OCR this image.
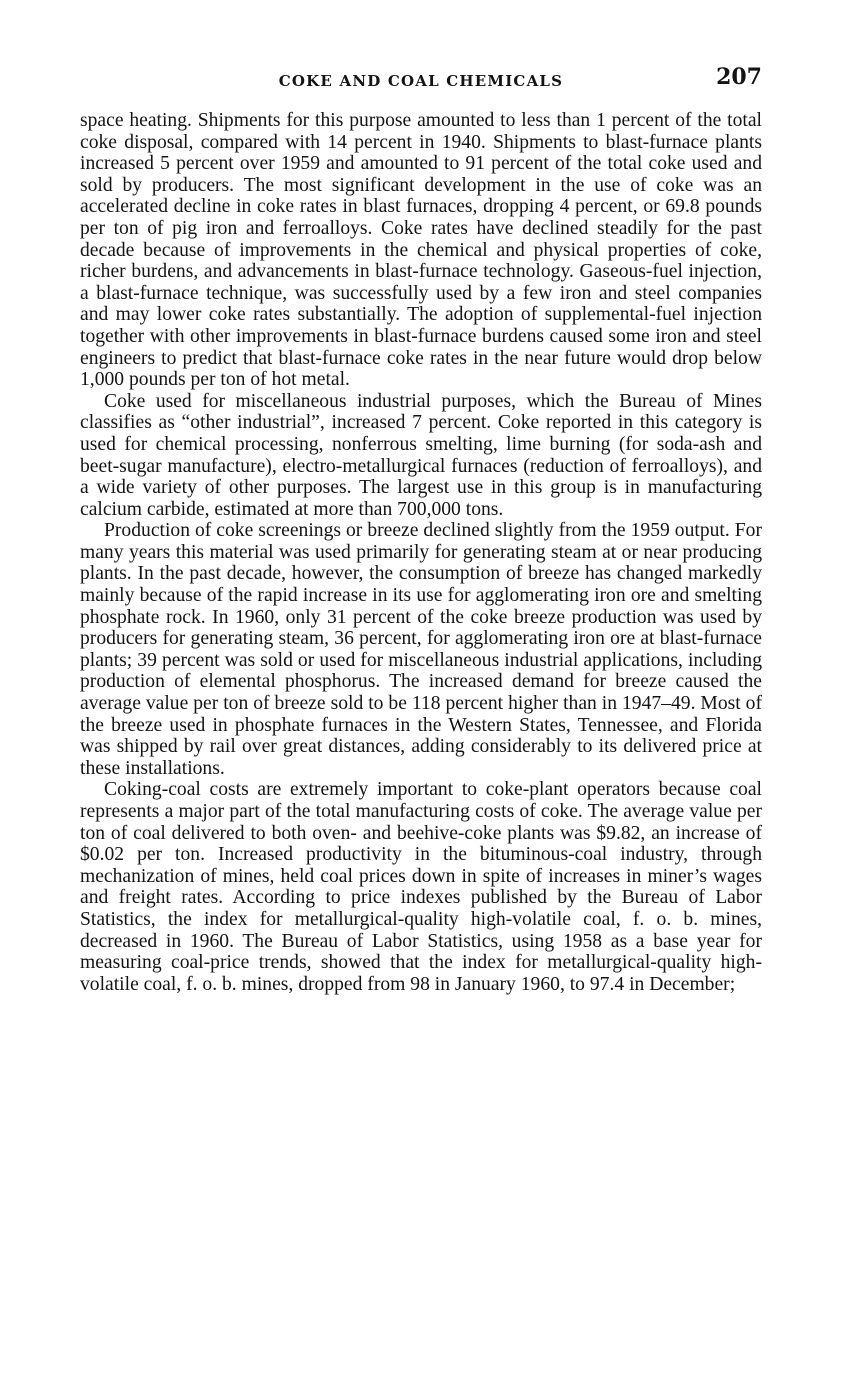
COKE AND COAL CHEMICALS	207

space heating. Shipments for this purpose amounted to less than 1 percent of the total coke disposal, compared with 14 percent in 1940. Shipments to blast-furnace plants increased 5 percent over 1959 and amounted to 91 percent of the total coke used and sold by producers. The most significant development in the use of coke was an accelerated decline in coke rates in blast furnaces, dropping 4 percent, or 69.8 pounds per ton of pig iron and ferroalloys. Coke rates have declined steadily for the past decade because of improvements in the chemical and physical properties of coke, richer burdens, and advancements in blast-furnace technology. Gaseous-fuel injection, a blast-furnace technique, was successfully used by a few iron and steel companies and may lower coke rates substantially. The adoption of supplemental-fuel injection together with other improvements in blast-furnace burdens caused some iron and steel engineers to predict that blast-furnace coke rates in the near future would drop below 1,000 pounds per ton of hot metal.

Coke used for miscellaneous industrial purposes, which the Bureau of Mines classifies as “other industrial”, increased 7 percent. Coke reported in this category is used for chemical processing, nonferrous smelting, lime burning (for soda-ash and beet-sugar manufacture), electro-metallurgical furnaces (reduction of ferroalloys), and a wide variety of other purposes. The largest use in this group is in manufacturing calcium carbide, estimated at more than 700,000 tons.

Production of coke screenings or breeze declined slightly from the 1959 output. For many years this material was used primarily for generating steam at or near producing plants. In the past decade, however, the consumption of breeze has changed markedly mainly because of the rapid increase in its use for agglomerating iron ore and smelting phosphate rock. In 1960, only 31 percent of the coke breeze production was used by producers for generating steam, 36 percent, for agglomerating iron ore at blast-furnace plants; 39 percent was sold or used for miscellaneous industrial applications, including production of elemental phosphorus. The increased demand for breeze caused the average value per ton of breeze sold to be 118 percent higher than in 1947–49. Most of the breeze used in phosphate furnaces in the Western States, Tennessee, and Florida was shipped by rail over great distances, adding considerably to its delivered price at these installations.

Coking-coal costs are extremely important to coke-plant operators because coal represents a major part of the total manufacturing costs of coke. The average value per ton of coal delivered to both oven- and beehive-coke plants was $9.82, an increase of $0.02 per ton. Increased productivity in the bituminous-coal industry, through mechanization of mines, held coal prices down in spite of increases in miner’s wages and freight rates. According to price indexes published by the Bureau of Labor Statistics, the index for metallurgical-quality high-volatile coal, f. o. b. mines, decreased in 1960. The Bureau of Labor Statistics, using 1958 as a base year for measuring coal-price trends, showed that the index for metallurgical-quality high-volatile coal, f. o. b. mines, dropped from 98 in January 1960, to 97.4 in December;
